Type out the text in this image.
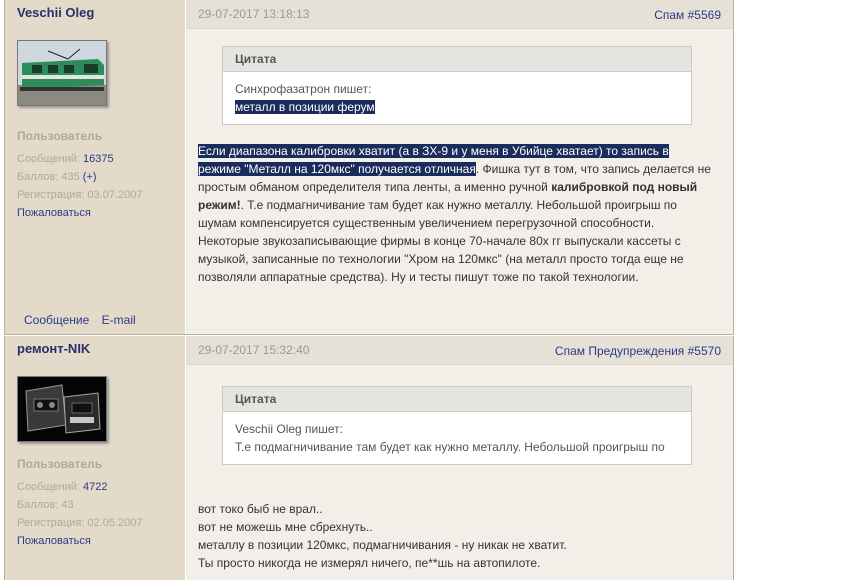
Veschii Oleg
Пользователь
Сообщений: 16375
Баллов: 435 (+)
Регистрация: 03.07.2007
Пожаловаться
Сообщение E-mail
29-07-2017 13:18:13	Спам #5569
Цитата
Синхрофазатрон пишет:
металл в позиции ферум
Если диапазона калибровки хватит (а в ЗХ-9 и у меня в Убийце хватает) то запись в
режиме "Металл на 120мкс" получается отличная. Фишка тут в том, что запись делается не
простым обманом определителя типа ленты, а именно ручной калибровкой под новый
режим!. Т.е подмагничивание там будет как нужно металлу. Небольшой проигрыш по
шумам компенсируется существенным увеличением перегрузочной способности.
Некоторые звукозаписывающие фирмы в конце 70-начале 80х гг выпускали кассеты с
музыкой, записанные по технологии "Хром на 120мкс" (на металл просто тогда еще не
позволяли аппаратные средства). Ну и тесты пишут тоже по такой технологии.
ремонт-NIK
Пользователь
Сообщений: 4722
Баллов: 43
Регистрация: 02.05.2007
Пожаловаться
29-07-2017 15:32:40	Спам Предупреждения #5570
Цитата
Veschii Oleg пишет:
Т.е подмагничивание там будет как нужно металлу. Небольшой проигрыш по
вот токо быб не врал..
вот не можешь мне сбрехнуть..
металлу в позиции 120мкс, подмагничивания - ну никак не хватит.
Ты просто никогда не измерял ничего, пе**шь на автопилоте.
